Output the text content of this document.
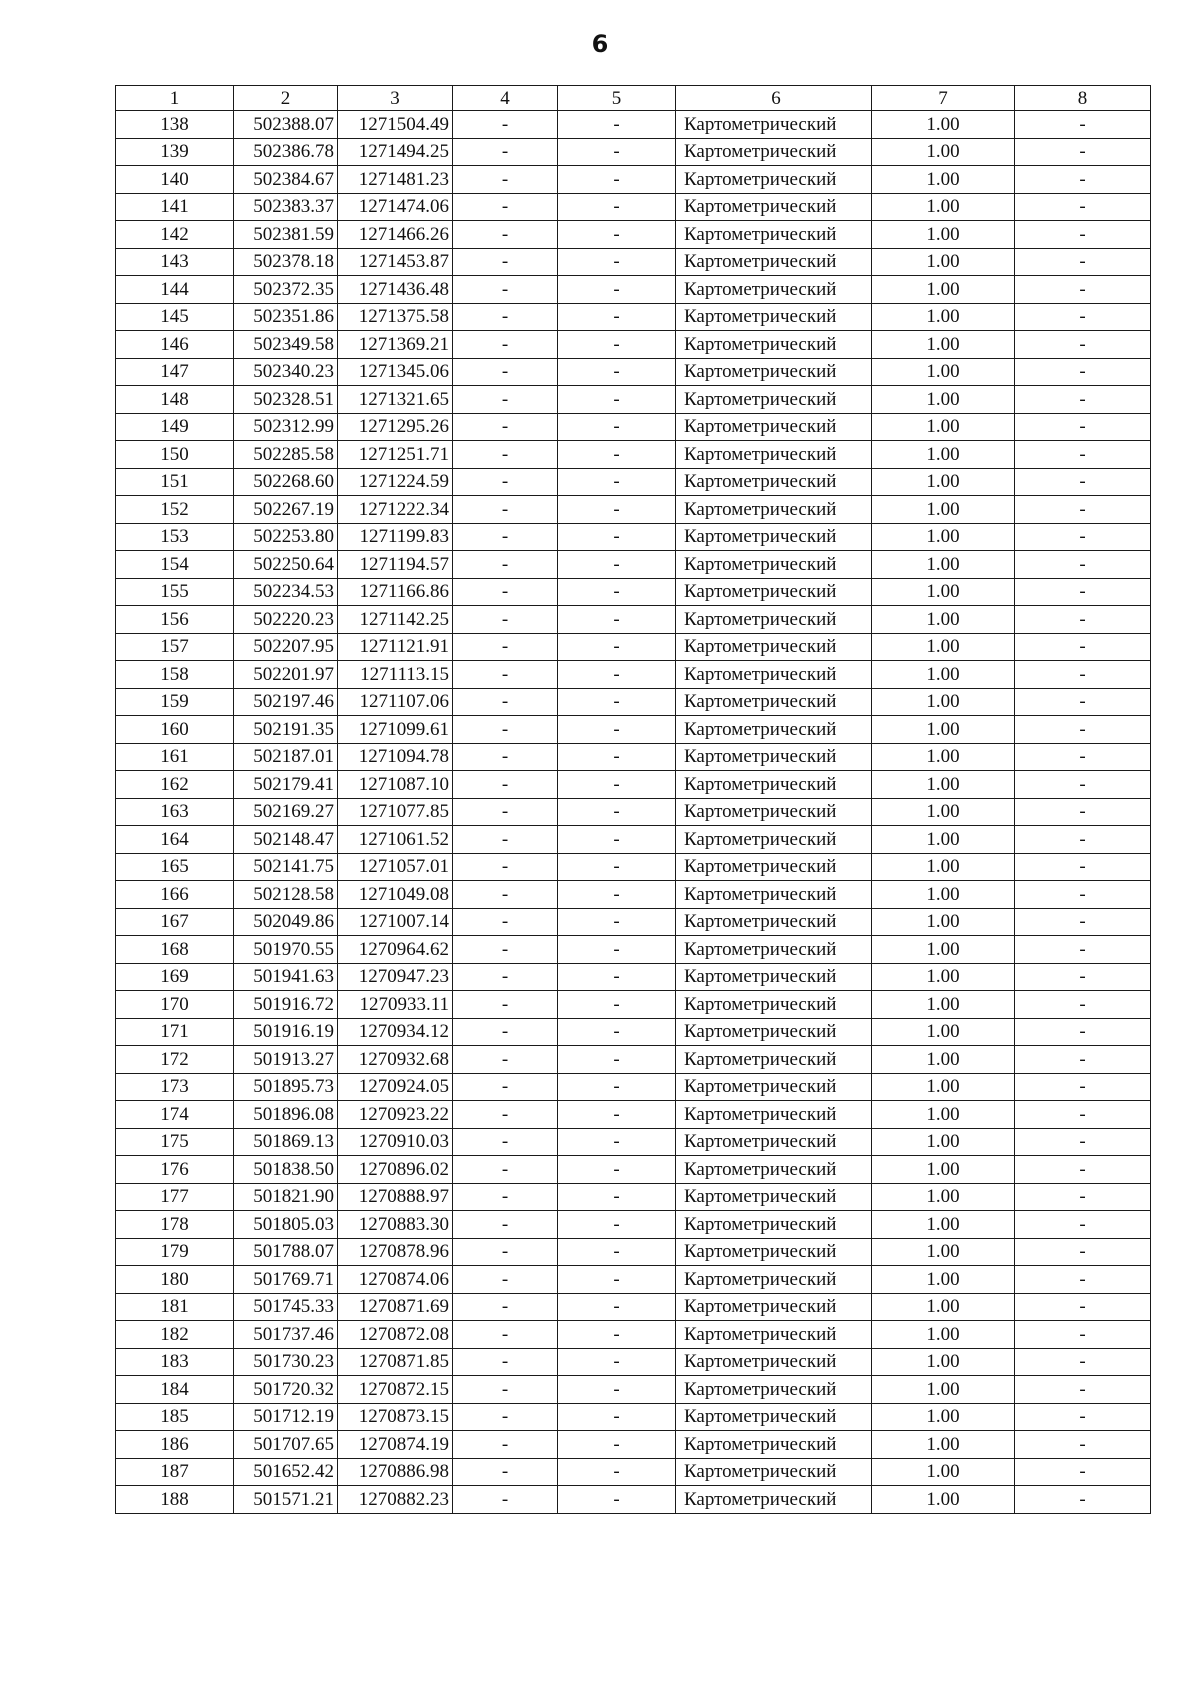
6
1	2	3	4	5	6	7	8
138	502388.07	1271504.49	-	-	Картометрический	1.00	-
139	502386.78	1271494.25	-	-	Картометрический	1.00	-
140	502384.67	1271481.23	-	-	Картометрический	1.00	-
141	502383.37	1271474.06	-	-	Картометрический	1.00	-
142	502381.59	1271466.26	-	-	Картометрический	1.00	-
143	502378.18	1271453.87	-	-	Картометрический	1.00	-
144	502372.35	1271436.48	-	-	Картометрический	1.00	-
145	502351.86	1271375.58	-	-	Картометрический	1.00	-
146	502349.58	1271369.21	-	-	Картометрический	1.00	-
147	502340.23	1271345.06	-	-	Картометрический	1.00	-
148	502328.51	1271321.65	-	-	Картометрический	1.00	-
149	502312.99	1271295.26	-	-	Картометрический	1.00	-
150	502285.58	1271251.71	-	-	Картометрический	1.00	-
151	502268.60	1271224.59	-	-	Картометрический	1.00	-
152	502267.19	1271222.34	-	-	Картометрический	1.00	-
153	502253.80	1271199.83	-	-	Картометрический	1.00	-
154	502250.64	1271194.57	-	-	Картометрический	1.00	-
155	502234.53	1271166.86	-	-	Картометрический	1.00	-
156	502220.23	1271142.25	-	-	Картометрический	1.00	-
157	502207.95	1271121.91	-	-	Картометрический	1.00	-
158	502201.97	1271113.15	-	-	Картометрический	1.00	-
159	502197.46	1271107.06	-	-	Картометрический	1.00	-
160	502191.35	1271099.61	-	-	Картометрический	1.00	-
161	502187.01	1271094.78	-	-	Картометрический	1.00	-
162	502179.41	1271087.10	-	-	Картометрический	1.00	-
163	502169.27	1271077.85	-	-	Картометрический	1.00	-
164	502148.47	1271061.52	-	-	Картометрический	1.00	-
165	502141.75	1271057.01	-	-	Картометрический	1.00	-
166	502128.58	1271049.08	-	-	Картометрический	1.00	-
167	502049.86	1271007.14	-	-	Картометрический	1.00	-
168	501970.55	1270964.62	-	-	Картометрический	1.00	-
169	501941.63	1270947.23	-	-	Картометрический	1.00	-
170	501916.72	1270933.11	-	-	Картометрический	1.00	-
171	501916.19	1270934.12	-	-	Картометрический	1.00	-
172	501913.27	1270932.68	-	-	Картометрический	1.00	-
173	501895.73	1270924.05	-	-	Картометрический	1.00	-
174	501896.08	1270923.22	-	-	Картометрический	1.00	-
175	501869.13	1270910.03	-	-	Картометрический	1.00	-
176	501838.50	1270896.02	-	-	Картометрический	1.00	-
177	501821.90	1270888.97	-	-	Картометрический	1.00	-
178	501805.03	1270883.30	-	-	Картометрический	1.00	-
179	501788.07	1270878.96	-	-	Картометрический	1.00	-
180	501769.71	1270874.06	-	-	Картометрический	1.00	-
181	501745.33	1270871.69	-	-	Картометрический	1.00	-
182	501737.46	1270872.08	-	-	Картометрический	1.00	-
183	501730.23	1270871.85	-	-	Картометрический	1.00	-
184	501720.32	1270872.15	-	-	Картометрический	1.00	-
185	501712.19	1270873.15	-	-	Картометрический	1.00	-
186	501707.65	1270874.19	-	-	Картометрический	1.00	-
187	501652.42	1270886.98	-	-	Картометрический	1.00	-
188	501571.21	1270882.23	-	-	Картометрический	1.00	-
